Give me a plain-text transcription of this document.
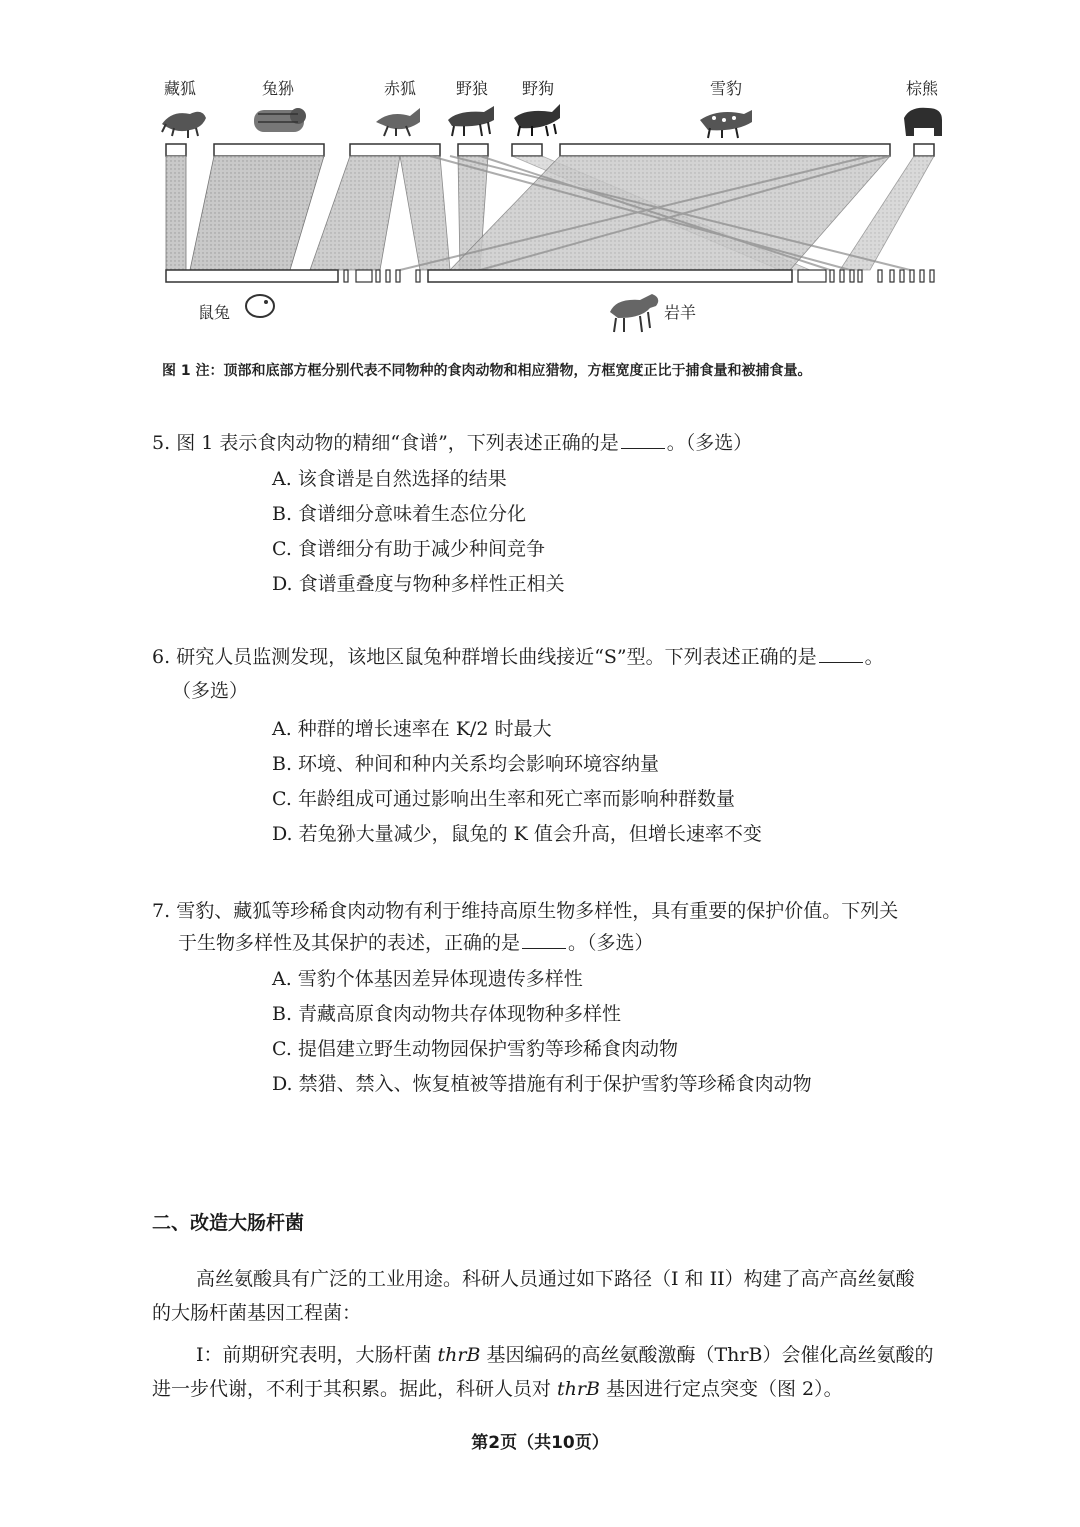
藏狐	兔狲	赤狐 野狼 野狗	雪豹	棕熊
鼠兔	岩羊
图 1 注：顶部和底部方框分别代表不同物种的食肉动物和相应猎物，方框宽度正比于捕食量和被捕食量。
5. 图 1 表示食肉动物的精细“食谱”，下列表述正确的是	。（多选）
A. 该食谱是自然选择的结果
B. 食谱细分意味着生态位分化
C. 食谱细分有助于减少种间竞争
D. 食谱重叠度与物种多样性正相关
6. 研究人员监测发现，该地区鼠兔种群增长曲线接近“S”型。下列表述正确的是	。
（多选）
A. 种群的增长速率在 K/2 时最大
B. 环境、种间和种内关系均会影响环境容纳量
C. 年龄组成可通过影响出生率和死亡率而影响种群数量
D. 若兔狲大量减少，鼠兔的 K 值会升高，但增长速率不变
7. 雪豹、藏狐等珍稀食肉动物有利于维持高原生物多样性，具有重要的保护价值。下列关
于生物多样性及其保护的表述，正确的是	。（多选）
A. 雪豹个体基因差异体现遗传多样性
B. 青藏高原食肉动物共存体现物种多样性
C. 提倡建立野生动物园保护雪豹等珍稀食肉动物
D. 禁猎、禁入、恢复植被等措施有利于保护雪豹等珍稀食肉动物
二、改造大肠杆菌
高丝氨酸具有广泛的工业用途。科研人员通过如下路径（I 和 II）构建了高产高丝氨酸
的大肠杆菌基因工程菌：
I：前期研究表明，大肠杆菌 thrB 基因编码的高丝氨酸激酶（ThrB）会催化高丝氨酸的
进一步代谢，不利于其积累。据此，科研人员对 thrB 基因进行定点突变（图 2）。
第2页（共10页）
